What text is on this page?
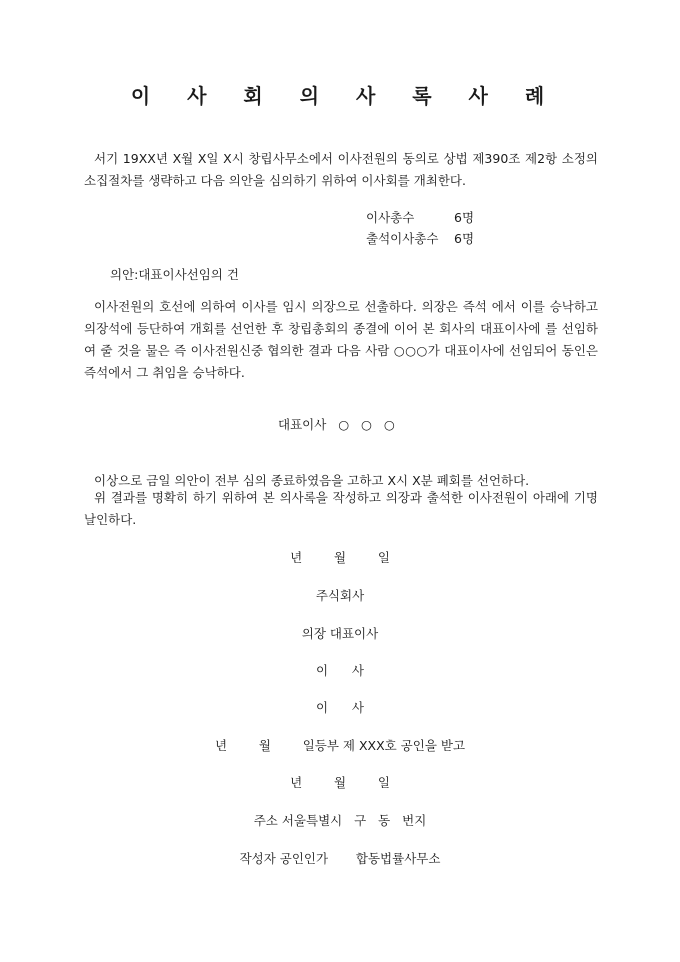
이 사 회 의 사 록 사 례
서기 19XX년 X월 X일 X시 창립사무소에서 이사전원의 동의로 상법 제390조 제2항 소정의 소집절차를 생략하고 다음 의안을 심의하기 위하여 이사회를 개최한다.
이사총수	6명
출석이사총수 6명
의안:대표이사선임의 건
이사전원의 호선에 의하여 이사를 임시 의장으로 선출하다. 의장은 즉석 에서 이를 승낙하고 의장석에 등단하여 개회를 선언한 후 창립총회의 종결에 이어 본 회사의 대표이사에 를 선임하여 줄 것을 물은 즉 이사전원신중 협의한 결과 다음 사람 ○○○가 대표이사에 선임되어 동인은 즉석에서 그 취임을 승낙하다.
대표이사   ○   ○   ○
이상으로 금일 의안이 전부 심의 종료하였음을 고하고 X시 X분 폐회를 선언하다.
위 결과를 명확히 하기 위하여 본 의사록을 작성하고 의장과 출석한 이사전원이 아래에 기명날인하다.
년        월        일
주식회사
의장 대표이사
이      사
이      사
년        월        일등부 제 XXX호 공인을 받고
년        월        일
주소 서울특별시   구   동   번지
작성자 공인인가       합동법률사무소
